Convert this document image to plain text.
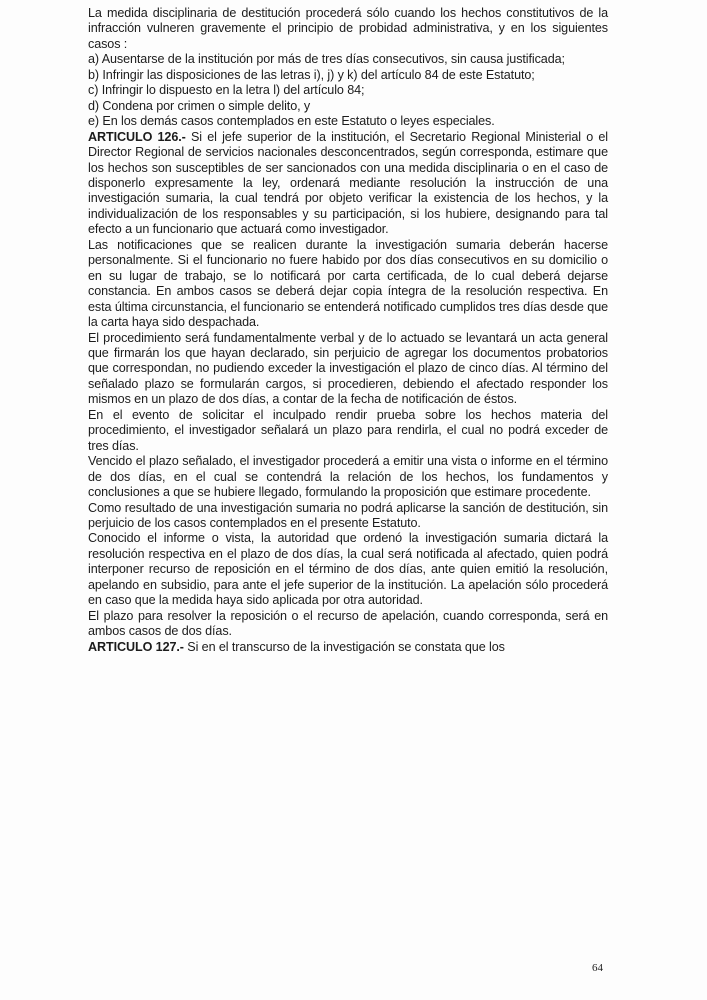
La medida disciplinaria de destitución procederá sólo cuando los hechos constitutivos de la infracción vulneren gravemente el principio de probidad administrativa, y en los siguientes casos :

a) Ausentarse de la institución por más de tres días consecutivos, sin causa justificada;

b) Infringir las disposiciones de las letras i), j) y k) del artículo 84 de este Estatuto;

c) Infringir lo dispuesto en la letra l) del artículo 84;

d) Condena por crimen o simple delito, y

e) En los demás casos contemplados en este Estatuto o leyes especiales.

ARTICULO 126.- Si el jefe superior de la institución, el Secretario Regional Ministerial o el Director Regional de servicios nacionales desconcentrados, según corresponda, estimare que los hechos son susceptibles de ser sancionados con una medida disciplinaria o en el caso de disponerlo expresamente la ley, ordenará mediante resolución la instrucción de una investigación sumaria, la cual tendrá por objeto verificar la existencia de los hechos, y la individualización de los responsables y su participación, si los hubiere, designando para tal efecto a un funcionario que actuará como investigador.

Las notificaciones que se realicen durante la investigación sumaria deberán hacerse personalmente. Si el funcionario no fuere habido por dos días consecutivos en su domicilio o en su lugar de trabajo, se lo notificará por carta certificada, de lo cual deberá dejarse constancia. En ambos casos se deberá dejar copia íntegra de la resolución respectiva. En esta última circunstancia, el funcionario se entenderá notificado cumplidos tres días desde que la carta haya sido despachada.

El procedimiento será fundamentalmente verbal y de lo actuado se levantará un acta general que firmarán los que hayan declarado, sin perjuicio de agregar los documentos probatorios que correspondan, no pudiendo exceder la investigación el plazo de cinco días. Al término del señalado plazo se formularán cargos, si procedieren, debiendo el afectado responder los mismos en un plazo de dos días, a contar de la fecha de notificación de éstos.

En el evento de solicitar el inculpado rendir prueba sobre los hechos materia del procedimiento, el investigador señalará un plazo para rendirla, el cual no podrá exceder de tres días.

Vencido el plazo señalado, el investigador procederá a emitir una vista o informe en el término de dos días, en el cual se contendrá la relación de los hechos, los fundamentos y conclusiones a que se hubiere llegado, formulando la proposición que estimare procedente.

Como resultado de una investigación sumaria no podrá aplicarse la sanción de destitución, sin perjuicio de los casos contemplados en el presente Estatuto.

Conocido el informe o vista, la autoridad que ordenó la investigación sumaria dictará la resolución respectiva en el plazo de dos días, la cual será notificada al afectado, quien podrá interponer recurso de reposición en el término de dos días, ante quien emitió la resolución, apelando en subsidio, para ante el jefe superior de la institución. La apelación sólo procederá en caso que la medida haya sido aplicada por otra autoridad.

El plazo para resolver la reposición o el recurso de apelación, cuando corresponda, será en ambos casos de dos días.

ARTICULO 127.- Si en el transcurso de la investigación se constata que los

64
